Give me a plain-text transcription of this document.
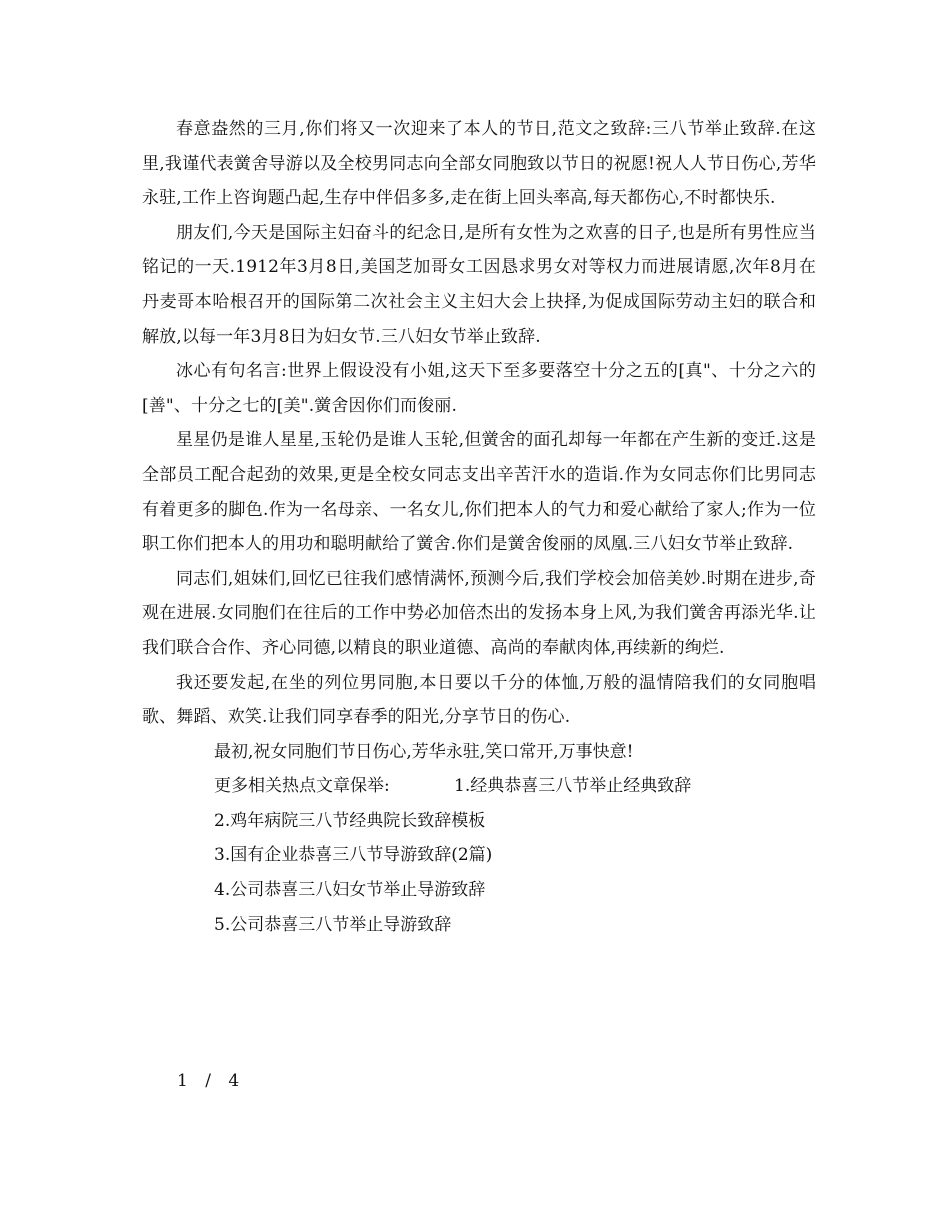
春意盎然的三月,你们将又一次迎来了本人的节日,范文之致辞:三八节举止致辞.在这里,我谨代表黉舍导游以及全校男同志向全部女同胞致以节日的祝愿!祝人人节日伤心,芳华永驻,工作上咨询题凸起,生存中伴侣多多,走在街上回头率高,每天都伤心,不时都快乐.

朋友们,今天是国际主妇奋斗的纪念日,是所有女性为之欢喜的日子,也是所有男性应当铭记的一天.1912年3月8日,美国芝加哥女工因恳求男女对等权力而进展请愿,次年8月在丹麦哥本哈根召开的国际第二次社会主义主妇大会上抉择,为促成国际劳动主妇的联合和解放,以每一年3月8日为妇女节.三八妇女节举止致辞.

冰心有句名言:世界上假设没有小姐,这天下至多要落空十分之五的[真"、十分之六的[善"、十分之七的[美".黉舍因你们而俊丽.

星星仍是谁人星星,玉轮仍是谁人玉轮,但黉舍的面孔却每一年都在产生新的变迁.这是全部员工配合起劲的效果,更是全校女同志支出辛苦汗水的造诣.作为女同志你们比男同志有着更多的脚色.作为一名母亲、一名女儿,你们把本人的气力和爱心献给了家人;作为一位职工你们把本人的用功和聪明献给了黉舍.你们是黉舍俊丽的凤凰.三八妇女节举止致辞.

同志们,姐妹们,回忆已往我们感情满怀,预测今后,我们学校会加倍美妙.时期在进步,奇观在进展.女同胞们在往后的工作中势必加倍杰出的发扬本身上风,为我们黉舍再添光华.让我们联合合作、齐心同德,以精良的职业道德、高尚的奉献肉体,再续新的绚烂.

我还要发起,在坐的列位男同胞,本日要以千分的体恤,万般的温情陪我们的女同胞唱歌、舞蹈、欢笑.让我们同享春季的阳光,分享节日的伤心.

最初,祝女同胞们节日伤心,芳华永驻,笑口常开,万事快意!

更多相关热点文章保举:	1.经典恭喜三八节举止经典致辞

2.鸡年病院三八节经典院长致辞模板

3.国有企业恭喜三八节导游致辞(2篇)

4.公司恭喜三八妇女节举止导游致辞

5.公司恭喜三八节举止导游致辞

1 / 4
